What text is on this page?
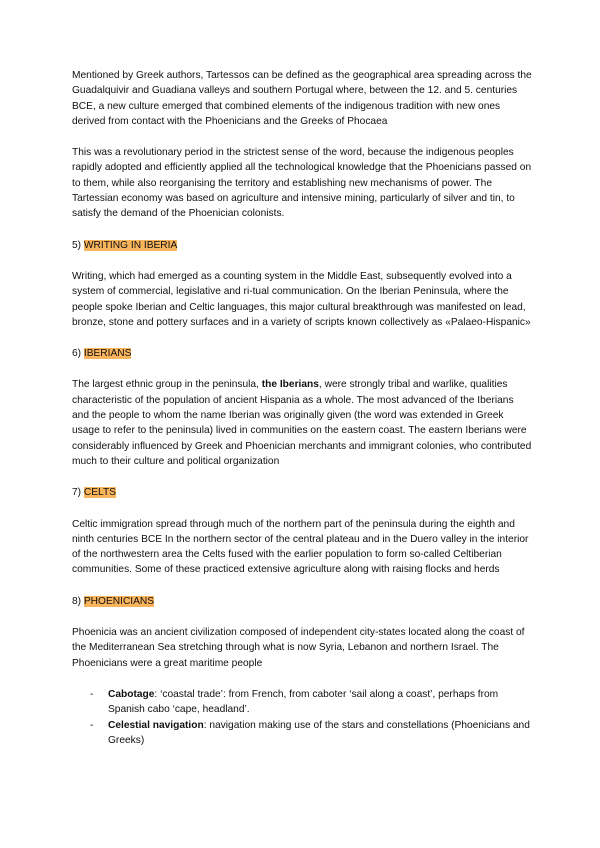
Mentioned by Greek authors, Tartessos can be defined as the geographical area spreading across the Guadalquivir and Guadiana valleys and southern Portugal where, between the 12. and 5. centuries BCE, a new culture emerged that combined elements of the indigenous tradition with new ones derived from contact with the Phoenicians and the Greeks of Phocaea

This was a revolutionary period in the strictest sense of the word, because the indigenous peoples rapidly adopted and efficiently applied all the technological knowledge that the Phoenicians passed on to them, while also reorganising the territory and establishing new mechanisms of power. The Tartessian economy was based on agriculture and intensive mining, particularly of silver and tin, to satisfy the demand of the Phoenician colonists.

5) WRITING IN IBERIA

Writing, which had emerged as a counting system in the Middle East, subsequently evolved into a system of commercial, legislative and ri-tual communication. On the Iberian Peninsula, where the people spoke Iberian and Celtic languages, this major cultural breakthrough was manifested on lead, bronze, stone and pottery surfaces and in a variety of scripts known collectively as «Palaeo-Hispanic»

6) IBERIANS

The largest ethnic group in the peninsula, the Iberians, were strongly tribal and warlike, qualities characteristic of the population of ancient Hispania as a whole. The most advanced of the Iberians and the people to whom the name Iberian was originally given (the word was extended in Greek usage to refer to the peninsula) lived in communities on the eastern coast. The eastern Iberians were considerably influenced by Greek and Phoenician merchants and immigrant colonies, who contributed much to their culture and political organization

7) CELTS

Celtic immigration spread through much of the northern part of the peninsula during the eighth and ninth centuries BCE In the northern sector of the central plateau and in the Duero valley in the interior of the northwestern area the Celts fused with the earlier population to form so-called Celtiberian communities. Some of these practiced extensive agriculture along with raising flocks and herds

8) PHOENICIANS

Phoenicia was an ancient civilization composed of independent city-states located along the coast of the Mediterranean Sea stretching through what is now Syria, Lebanon and northern Israel. The Phoenicians were a great maritime people

- Cabotage: ‘coastal trade’: from French, from caboter ‘sail along a coast’, perhaps from Spanish cabo ‘cape, headland’.
- Celestial navigation: navigation making use of the stars and constellations (Phoenicians and Greeks)
